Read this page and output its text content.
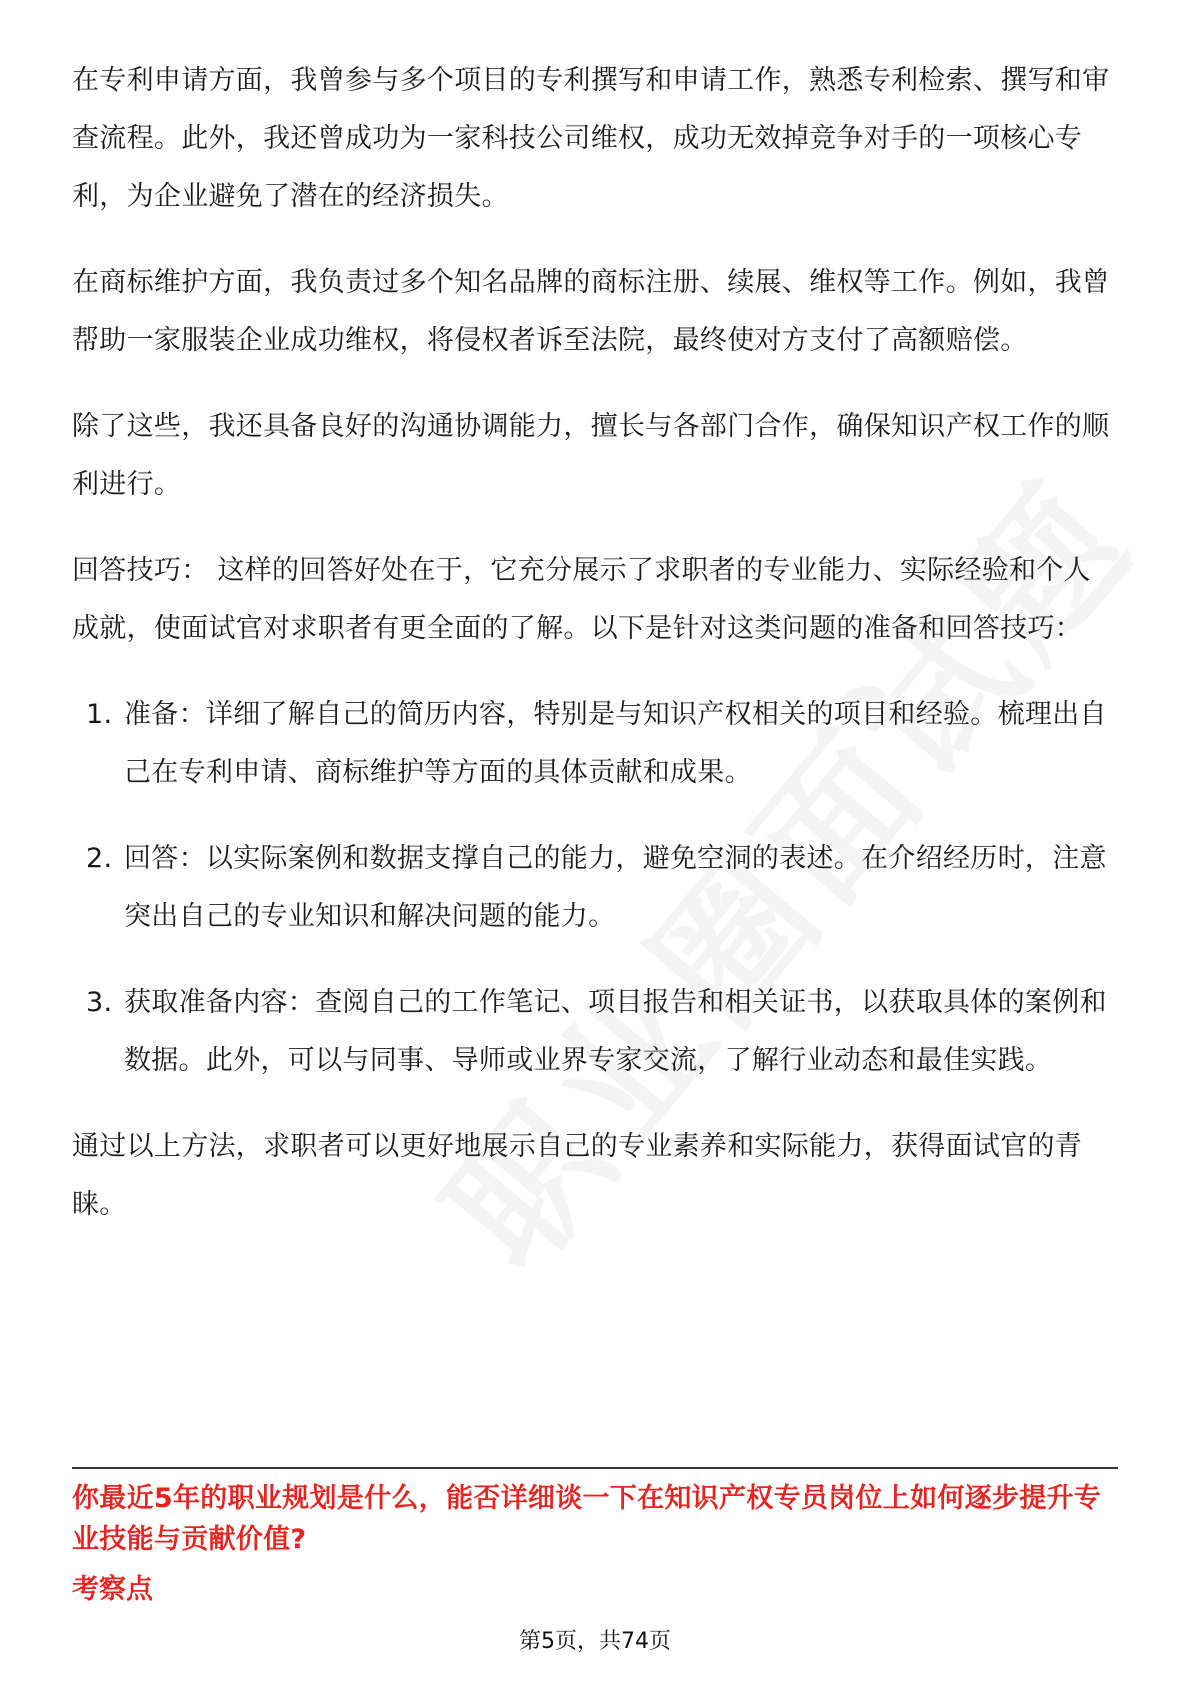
在专利申请方面，我曾参与多个项目的专利撰写和申请工作，熟悉专利检索、撰写和审查流程。此外，我还曾成功为一家科技公司维权，成功无效掉竞争对手的一项核心专利，为企业避免了潜在的经济损失。

在商标维护方面，我负责过多个知名品牌的商标注册、续展、维权等工作。例如，我曾帮助一家服装企业成功维权，将侵权者诉至法院，最终使对方支付了高额赔偿。

除了这些，我还具备良好的沟通协调能力，擅长与各部门合作，确保知识产权工作的顺利进行。

回答技巧： 这样的回答好处在于，它充分展示了求职者的专业能力、实际经验和个人成就，使面试官对求职者有更全面的了解。以下是针对这类问题的准备和回答技巧：

1. 准备：详细了解自己的简历内容，特别是与知识产权相关的项目和经验。梳理出自己在专利申请、商标维护等方面的具体贡献和成果。
2. 回答：以实际案例和数据支撑自己的能力，避免空洞的表述。在介绍经历时，注意突出自己的专业知识和解决问题的能力。
3. 获取准备内容：查阅自己的工作笔记、项目报告和相关证书，以获取具体的案例和数据。此外，可以与同事、导师或业界专家交流，了解行业动态和最佳实践。

通过以上方法，求职者可以更好地展示自己的专业素养和实际能力，获得面试官的青睐。

你最近5年的职业规划是什么，能否详细谈一下在知识产权专员岗位上如何逐步提升专业技能与贡献价值?
考察点
第5页，共74页
